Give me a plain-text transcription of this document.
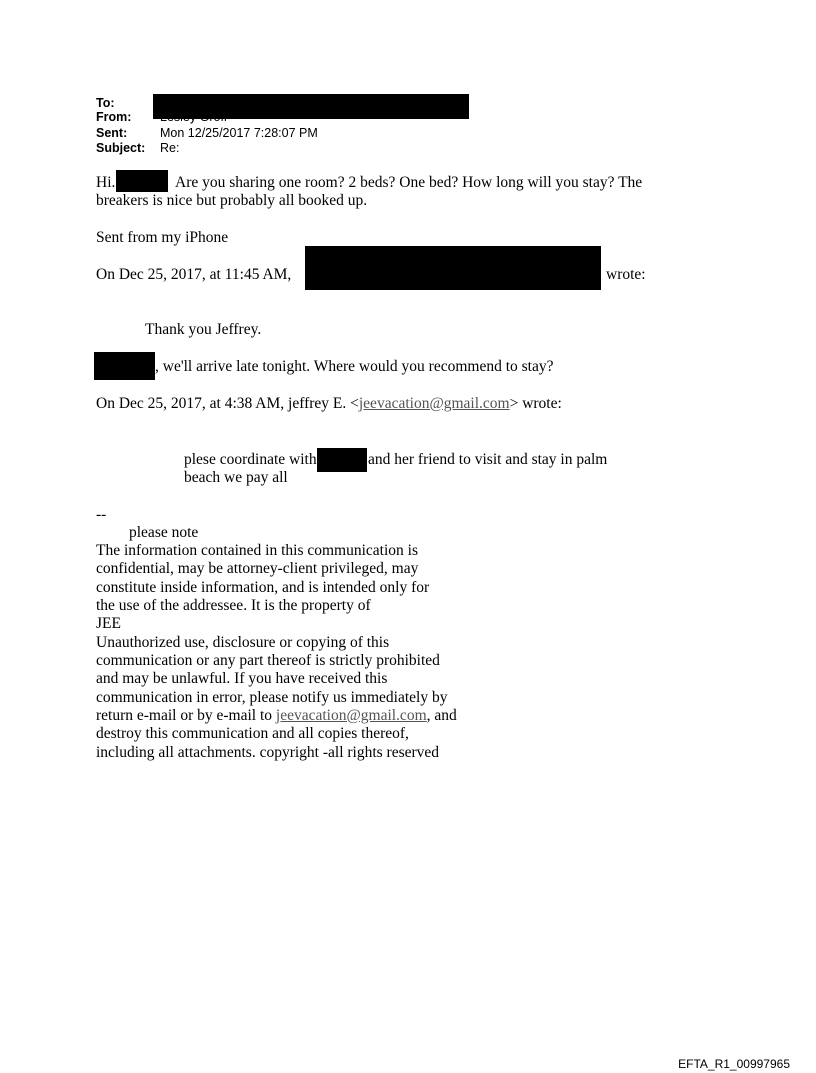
To:
From:
Sent:	Mon 12/25/2017 7:28:07 PM
Subject: Re:
Hi.	Are you sharing one room? 2 beds? One bed? How long will you stay? The
breakers is nice but probably all booked up.
Sent from my iPhone
On Dec 25, 2017, at 11:45 AM,	wrote:
Thank you Jeffrey.
, we'll arrive late tonight. Where would you recommend to stay?
On Dec 25, 2017, at 4:38 AM, jeffrey E. <jeevacation@gmail.com> wrote:
plese coordinate with	and her friend to visit and stay in palm
beach we pay all
--
please note
The information contained in this communication is
confidential, may be attorney-client privileged, may
constitute inside information, and is intended only for
the use of the addressee. It is the property of
JEE
Unauthorized use, disclosure or copying of this
communication or any part thereof is strictly prohibited
and may be unlawful. If you have received this
communication in error, please notify us immediately by
return e-mail or by e-mail to jeevacation@gmail.com, and
destroy this communication and all copies thereof,
including all attachments. copyright -all rights reserved
EFTA_R1_00997965
